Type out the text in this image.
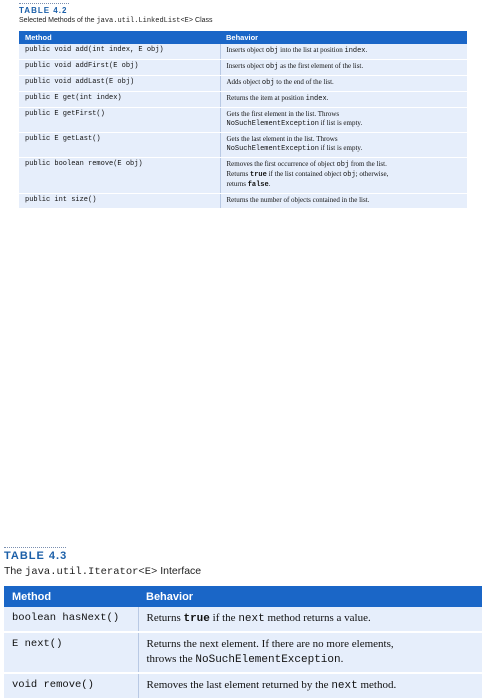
TABLE 4.2
Selected Methods of the java.util.LinkedList<E> Class
Method	Behavior
public void add(int index, E obj)	Inserts object obj into the list at position index.
public void addFirst(E obj)	Inserts object obj as the first element of the list.
public void addLast(E obj)	Adds object obj to the end of the list.
public E get(int index)	Returns the item at position index.
public E getFirst()	Gets the first element in the list. Throws
NoSuchElementException if list is empty.
public E getLast()	Gets the last element in the list. Throws
NoSuchElementException if list is empty.
public boolean remove(E obj)	Removes the first occurrence of object obj from the list.
Returns true if the list contained object obj; otherwise,
returns false.
public int size()	Returns the number of objects contained in the list.
TABLE 4.3
The java.util.Iterator<E> Interface
Method	Behavior
boolean hasNext()	Returns true if the next method returns a value.
E next()	Returns the next element. If there are no more elements,
throws the NoSuchElementException.
void remove()	Removes the last element returned by the next method.
